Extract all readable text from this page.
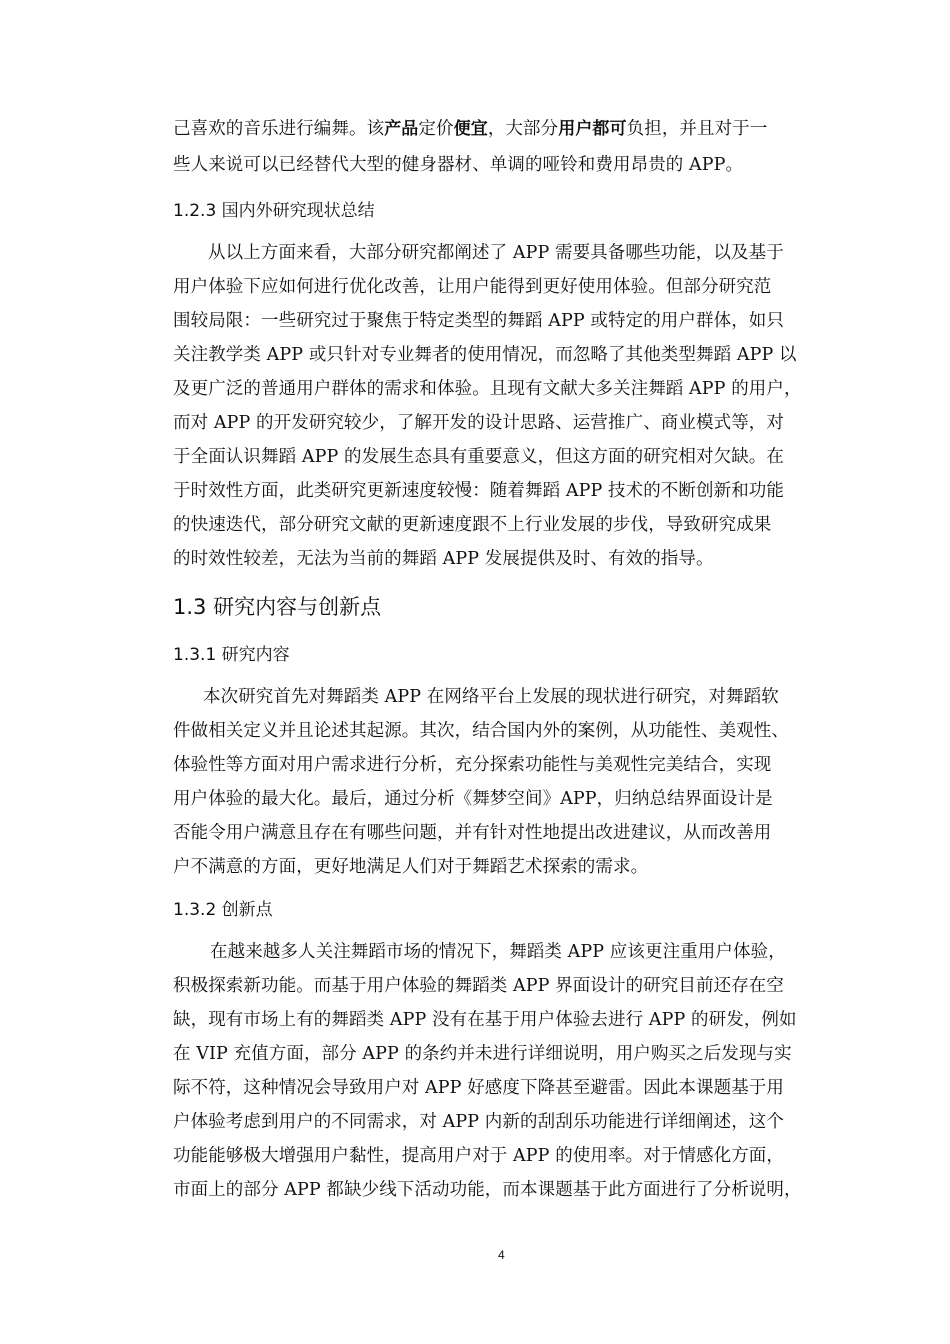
己喜欢的音乐进行编舞。该产品定价便宜，大部分用户都可负担，并且对于一
些人来说可以已经替代大型的健身器材、单调的哑铃和费用昂贵的 APP。
1.2.3 国内外研究现状总结
从以上方面来看，大部分研究都阐述了 APP 需要具备哪些功能，以及基于
用户体验下应如何进行优化改善，让用户能得到更好使用体验。但部分研究范
围较局限：一些研究过于聚焦于特定类型的舞蹈 APP 或特定的用户群体，如只
关注教学类 APP 或只针对专业舞者的使用情况，而忽略了其他类型舞蹈 APP 以
及更广泛的普通用户群体的需求和体验。且现有文献大多关注舞蹈 APP 的用户，
而对 APP 的开发研究较少，了解开发的设计思路、运营推广、商业模式等，对
于全面认识舞蹈 APP 的发展生态具有重要意义，但这方面的研究相对欠缺。在
于时效性方面，此类研究更新速度较慢：随着舞蹈 APP 技术的不断创新和功能
的快速迭代，部分研究文献的更新速度跟不上行业发展的步伐，导致研究成果
的时效性较差，无法为当前的舞蹈 APP 发展提供及时、有效的指导。
1.3 研究内容与创新点
1.3.1 研究内容
本次研究首先对舞蹈类 APP 在网络平台上发展的现状进行研究，对舞蹈软
件做相关定义并且论述其起源。其次，结合国内外的案例，从功能性、美观性、
体验性等方面对用户需求进行分析，充分探索功能性与美观性完美结合，实现
用户体验的最大化。最后，通过分析《舞梦空间》APP，归纳总结界面设计是
否能令用户满意且存在有哪些问题，并有针对性地提出改进建议，从而改善用
户不满意的方面，更好地满足人们对于舞蹈艺术探索的需求。
1.3.2 创新点
在越来越多人关注舞蹈市场的情况下，舞蹈类 APP 应该更注重用户体验，
积极探索新功能。而基于用户体验的舞蹈类 APP 界面设计的研究目前还存在空
缺，现有市场上有的舞蹈类 APP 没有在基于用户体验去进行 APP 的研发，例如
在 VIP 充值方面，部分 APP 的条约并未进行详细说明，用户购买之后发现与实
际不符，这种情况会导致用户对 APP 好感度下降甚至避雷。因此本课题基于用
户体验考虑到用户的不同需求，对 APP 内新的刮刮乐功能进行详细阐述，这个
功能能够极大增强用户黏性，提高用户对于 APP 的使用率。对于情感化方面，
市面上的部分 APP 都缺少线下活动功能，而本课题基于此方面进行了分析说明，
4
